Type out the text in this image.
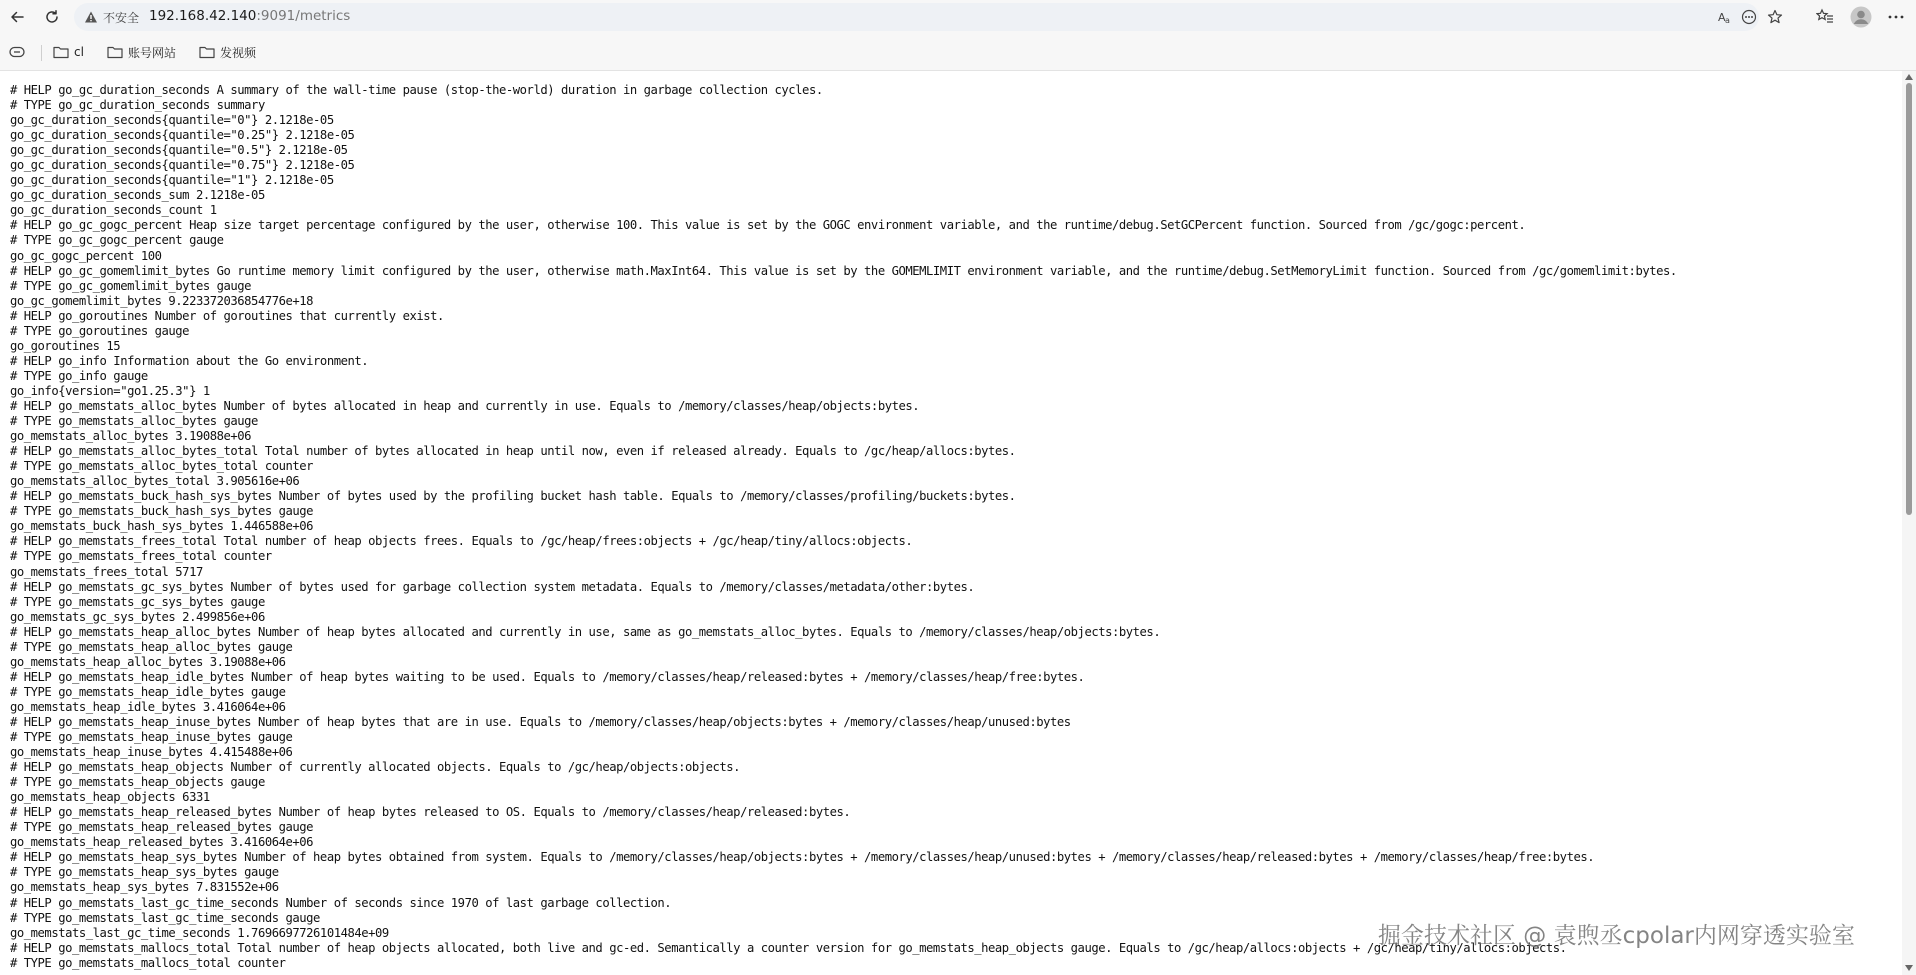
不安全 192.168.42.140:9091/metrics	A a
cl	账号网站	发视频
# HELP go_gc_duration_seconds A summary of the wall-time pause (stop-the-world) duration in garbage collection cycles.
# TYPE go_gc_duration_seconds summary
go_gc_duration_seconds{quantile="0"} 2.1218e-05
go_gc_duration_seconds{quantile="0.25"} 2.1218e-05
go_gc_duration_seconds{quantile="0.5"} 2.1218e-05
go_gc_duration_seconds{quantile="0.75"} 2.1218e-05
go_gc_duration_seconds{quantile="1"} 2.1218e-05
go_gc_duration_seconds_sum 2.1218e-05
go_gc_duration_seconds_count 1
# HELP go_gc_gogc_percent Heap size target percentage configured by the user, otherwise 100. This value is set by the GOGC environment variable, and the runtime/debug.SetGCPercent function. Sourced from /gc/gogc:percent.
# TYPE go_gc_gogc_percent gauge
go_gc_gogc_percent 100
# HELP go_gc_gomemlimit_bytes Go runtime memory limit configured by the user, otherwise math.MaxInt64. This value is set by the GOMEMLIMIT environment variable, and the runtime/debug.SetMemoryLimit function. Sourced from /gc/gomemlimit:bytes.
# TYPE go_gc_gomemlimit_bytes gauge
go_gc_gomemlimit_bytes 9.223372036854776e+18
# HELP go_goroutines Number of goroutines that currently exist.
# TYPE go_goroutines gauge
go_goroutines 15
# HELP go_info Information about the Go environment.
# TYPE go_info gauge
go_info{version="go1.25.3"} 1
# HELP go_memstats_alloc_bytes Number of bytes allocated in heap and currently in use. Equals to /memory/classes/heap/objects:bytes.
# TYPE go_memstats_alloc_bytes gauge
go_memstats_alloc_bytes 3.19088e+06
# HELP go_memstats_alloc_bytes_total Total number of bytes allocated in heap until now, even if released already. Equals to /gc/heap/allocs:bytes.
# TYPE go_memstats_alloc_bytes_total counter
go_memstats_alloc_bytes_total 3.905616e+06
# HELP go_memstats_buck_hash_sys_bytes Number of bytes used by the profiling bucket hash table. Equals to /memory/classes/profiling/buckets:bytes.
# TYPE go_memstats_buck_hash_sys_bytes gauge
go_memstats_buck_hash_sys_bytes 1.446588e+06
# HELP go_memstats_frees_total Total number of heap objects frees. Equals to /gc/heap/frees:objects + /gc/heap/tiny/allocs:objects.
# TYPE go_memstats_frees_total counter
go_memstats_frees_total 5717
# HELP go_memstats_gc_sys_bytes Number of bytes used for garbage collection system metadata. Equals to /memory/classes/metadata/other:bytes.
# TYPE go_memstats_gc_sys_bytes gauge
go_memstats_gc_sys_bytes 2.499856e+06
# HELP go_memstats_heap_alloc_bytes Number of heap bytes allocated and currently in use, same as go_memstats_alloc_bytes. Equals to /memory/classes/heap/objects:bytes.
# TYPE go_memstats_heap_alloc_bytes gauge
go_memstats_heap_alloc_bytes 3.19088e+06
# HELP go_memstats_heap_idle_bytes Number of heap bytes waiting to be used. Equals to /memory/classes/heap/released:bytes + /memory/classes/heap/free:bytes.
# TYPE go_memstats_heap_idle_bytes gauge
go_memstats_heap_idle_bytes 3.416064e+06
# HELP go_memstats_heap_inuse_bytes Number of heap bytes that are in use. Equals to /memory/classes/heap/objects:bytes + /memory/classes/heap/unused:bytes
# TYPE go_memstats_heap_inuse_bytes gauge
go_memstats_heap_inuse_bytes 4.415488e+06
# HELP go_memstats_heap_objects Number of currently allocated objects. Equals to /gc/heap/objects:objects.
# TYPE go_memstats_heap_objects gauge
go_memstats_heap_objects 6331
# HELP go_memstats_heap_released_bytes Number of heap bytes released to OS. Equals to /memory/classes/heap/released:bytes.
# TYPE go_memstats_heap_released_bytes gauge
go_memstats_heap_released_bytes 3.416064e+06
# HELP go_memstats_heap_sys_bytes Number of heap bytes obtained from system. Equals to /memory/classes/heap/objects:bytes + /memory/classes/heap/unused:bytes + /memory/classes/heap/released:bytes + /memory/classes/heap/free:bytes.
# TYPE go_memstats_heap_sys_bytes gauge
go_memstats_heap_sys_bytes 7.831552e+06
# HELP go_memstats_last_gc_time_seconds Number of seconds since 1970 of last garbage collection.
# TYPE go_memstats_last_gc_time_seconds gauge
go_memstats_last_gc_time_seconds 1.7696697726101484e+09
# HELP go_memstats_mallocs_total Total number of heap objects allocated, both live and gc-ed. Semantically a counter version for go_memstats_heap_objects gauge. Equals to /gc/heap/allocs:objects + /gc/heap/tiny/allocs:objects.
# TYPE go_memstats_mallocs_total counter
掘金技术社区 @ 袁煦丞cpolar内网穿透实验室
